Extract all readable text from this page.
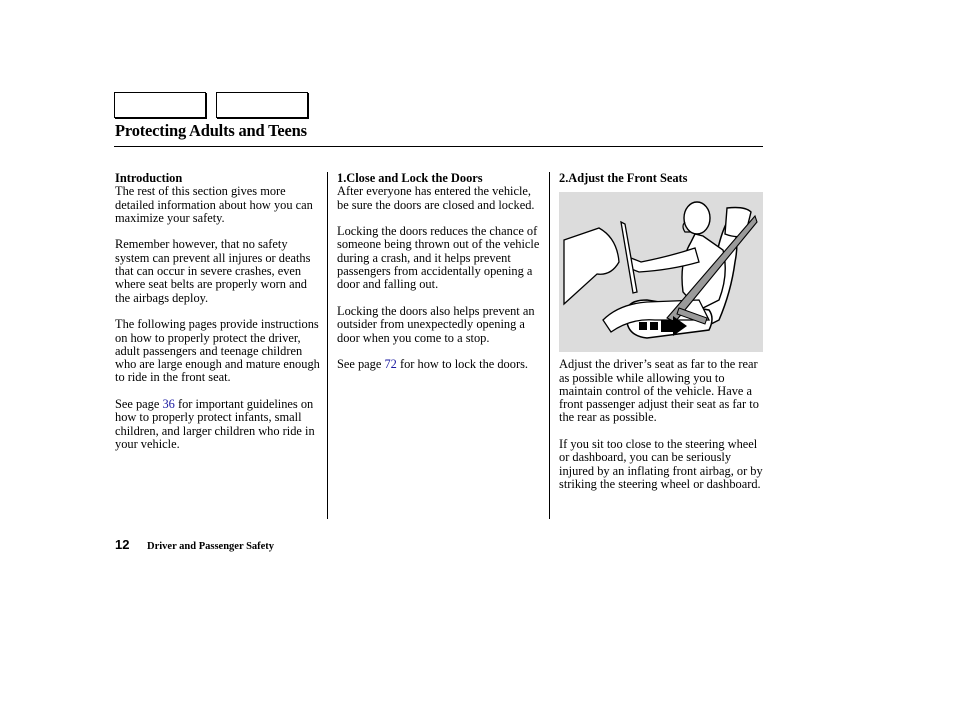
Protecting Adults and Teens
Introduction

The rest of this section gives more detailed information about how you can maximize your safety.

Remember however, that no safety system can prevent all injures or deaths that can occur in severe crashes, even where seat belts are properly worn and the airbags deploy.

The following pages provide instructions on how to properly protect the driver, adult passengers and teenage children who are large enough and mature enough to ride in the front seat.

See page 36 for important guidelines on how to properly protect infants, small children, and larger children who ride in your vehicle.

1.Close and Lock the Doors

After everyone has entered the vehicle, be sure the doors are closed and locked.

Locking the doors reduces the chance of someone being thrown out of the vehicle during a crash, and it helps prevent passengers from accidentally opening a door and falling out.

Locking the doors also helps prevent an outsider from unexpectedly opening a door when you come to a stop.

See page 72 for how to lock the doors.

2.Adjust the Front Seats

Adjust the driver’s seat as far to the rear as possible while allowing you to maintain control of the vehicle. Have a front passenger adjust their seat as far to the rear as possible.

If you sit too close to the steering wheel or dashboard, you can be seriously injured by an inflating front airbag, or by striking the steering wheel or dashboard.

12 Driver and Passenger Safety
